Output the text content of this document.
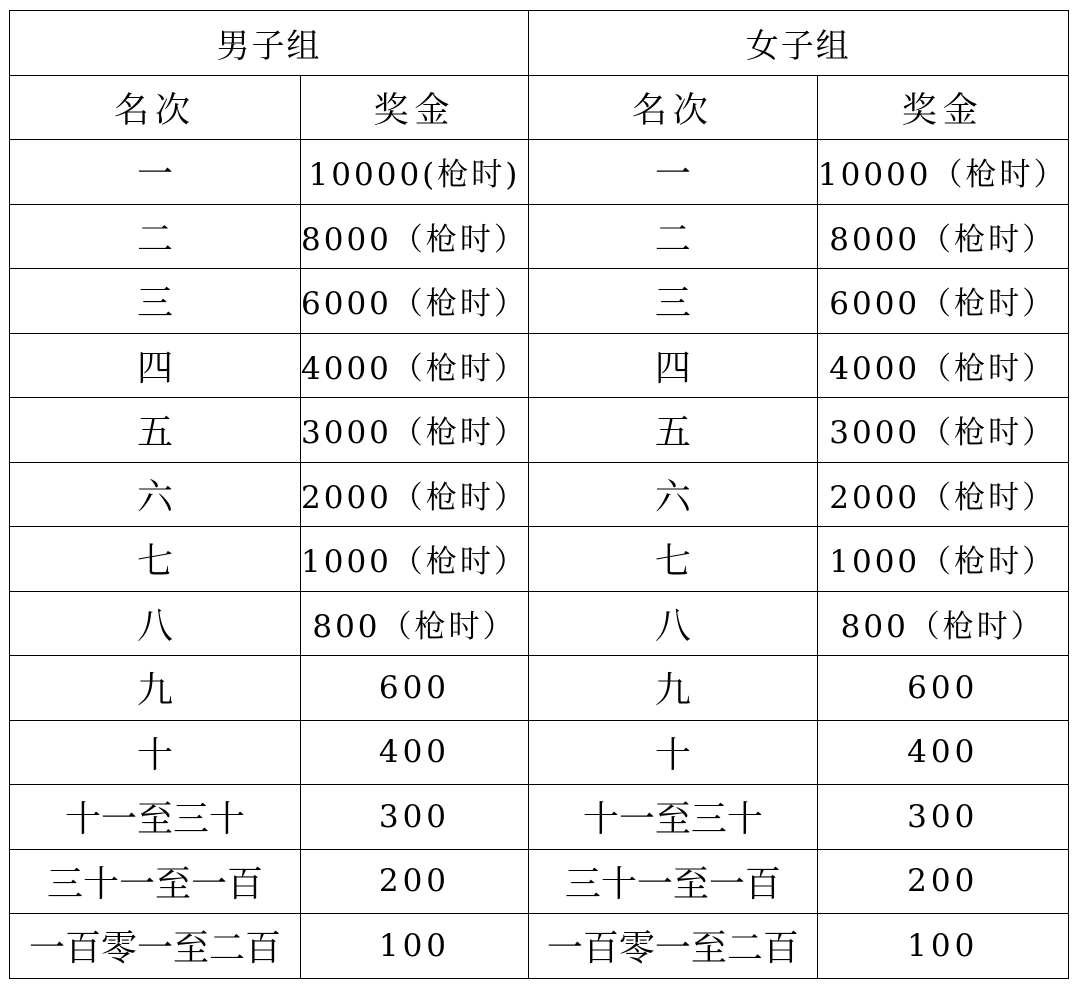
男子组		女子组	
名次	奖金	名次	奖金
一	10000(枪时)	一	10000（枪时）
二	8000（枪时）	二	8000（枪时）
三	6000（枪时）	三	6000（枪时）
四	4000（枪时）	四	4000（枪时）
五	3000（枪时）	五	3000（枪时）
六	2000（枪时）	六	2000（枪时）
七	1000（枪时）	七	1000（枪时）
八	800（枪时）	八	800（枪时）
九	600	九	600
十	400	十	400
十一至三十	300	十一至三十	300
三十一至一百	200	三十一至一百	200
一百零一至二百	100	一百零一至二百	100
